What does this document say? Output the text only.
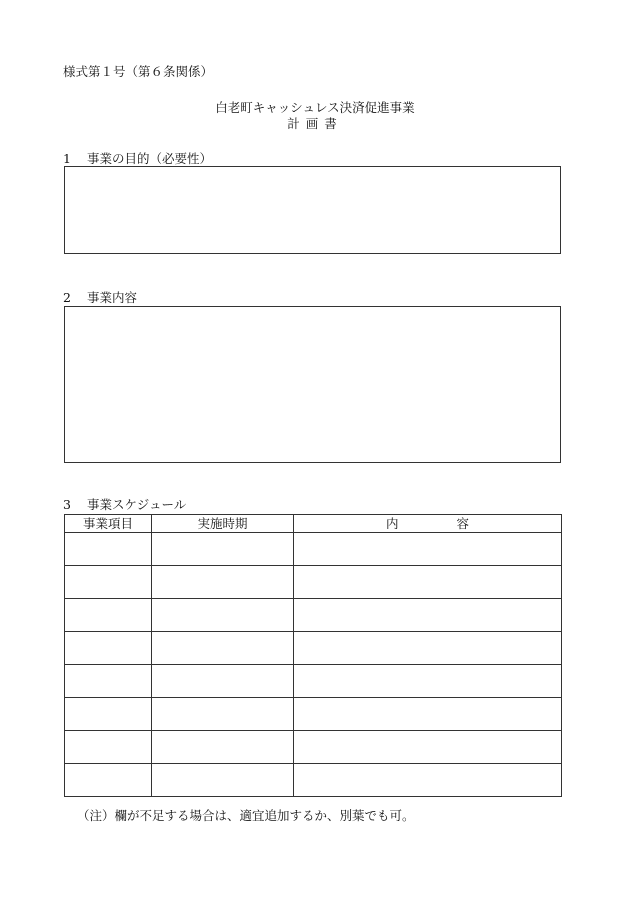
様式第１号（第６条関係）
白老町キャッシュレス決済促進事業
計画書
1 事業の目的（必要性）
2 事業内容
3 事業スケジュール
事業項目	実施時期	内 容

（注）欄が不足する場合は、適宜追加するか、別葉でも可。
